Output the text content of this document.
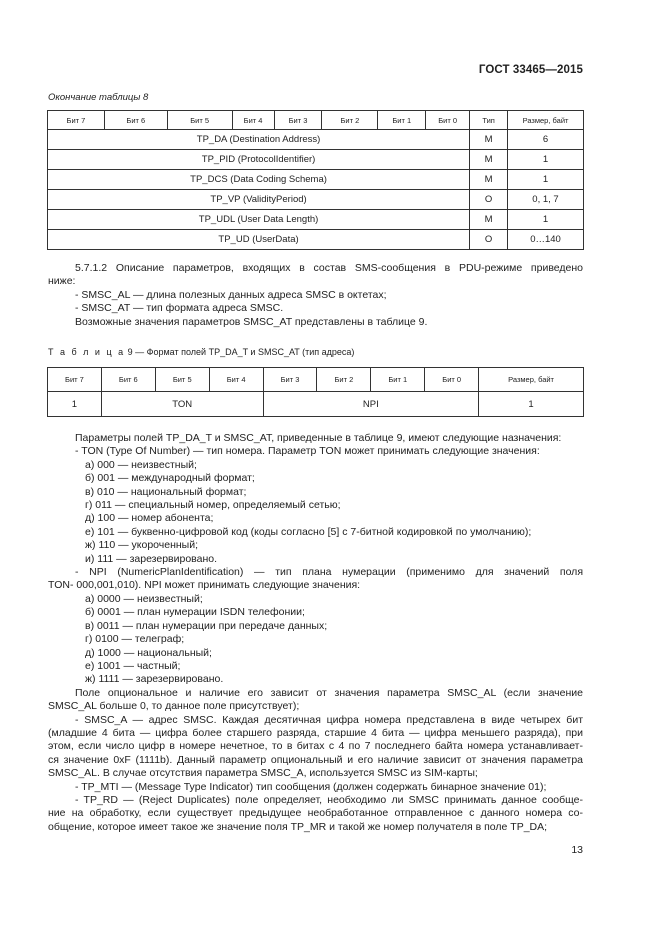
ГОСТ 33465—2015
Окончание таблицы 8
Бит 7	Бит 6	Бит 5	Бит 4	Бит 3	Бит 2	Бит 1	Бит 0	Тип	Размер, байт
TP_DA (Destination Address)								M	6
TP_PID (ProtocolIdentifier)								M	1
TP_DCS (Data Coding Schema)								M	1
TP_VP (ValidityPeriod)								O	0, 1, 7
TP_UDL (User Data Length)								M	1
TP_UD (UserData)								O	0…140
5.7.1.2 Описание параметров, входящих в состав SMS-сообщения в PDU-режиме приведено
ниже:
- SMSC_AL — длина полезных данных адреса SMSC в октетах;
- SMSC_AT — тип формата адреса SMSC.
Возможные значения параметров SMSC_AT представлены в таблице 9.
Т а б л и ц а 9 — Формат полей TP_DA_T и SMSC_AT (тип адреса)
Бит 7	Бит 6	Бит 5	Бит 4	Бит 3	Бит 2	Бит 1	Бит 0	Размер, байт
1	TON			NPI				1
Параметры полей TP_DA_T и SMSC_AT, приведенные в таблице 9, имеют следующие назначения:
- TON (Type Of Number) — тип номера. Параметр TON может принимать следующие значения:
а) 000 — неизвестный;
б) 001 — международный формат;
в) 010 — национальный формат;
г) 011 — специальный номер, определяемый сетью;
д) 100 — номер абонента;
е) 101 — буквенно-цифровой код (коды согласно [5] с 7-битной кодировкой по умолчанию);
ж) 110 — укороченный;
и) 111 — зарезервировано.
- NPI (NumericPlanIdentification) — тип плана нумерации (применимо для значений поля
TON- 000,001,010). NPI может принимать следующие значения:
а) 0000 — неизвестный;
б) 0001 — план нумерации ISDN телефонии;
в) 0011 — план нумерации при передаче данных;
г) 0100 — телеграф;
д) 1000 — национальный;
е) 1001 — частный;
ж) 1111 — зарезервировано.
Поле опциональное и наличие его зависит от значения параметра SMSC_AL (если значение
SMSC_AL больше 0, то данное поле присутствует);
- SMSC_A — адрес SMSC. Каждая десятичная цифра номера представлена в виде четырех бит
(младшие 4 бита — цифра более старшего разряда, старшие 4 бита — цифра меньшего разряда), при
этом, если число цифр в номере нечетное, то в битах с 4 по 7 последнего байта номера устанавливает-
ся значение 0xF (1111b). Данный параметр опциональный и его наличие зависит от значения параметра
SMSC_AL. В случае отсутствия параметра SMSC_A, используется SMSC из SIM-карты;
- TP_MTI — (Message Type Indicator) тип сообщения (должен содержать бинарное значение 01);
- TP_RD — (Reject Duplicates) поле определяет, необходимо ли SMSC принимать данное сообще-
ние на обработку, если существует предыдущее необработанное отправленное с данного номера со-
общение, которое имеет такое же значение поля TP_MR и такой же номер получателя в поле TP_DA;
13
